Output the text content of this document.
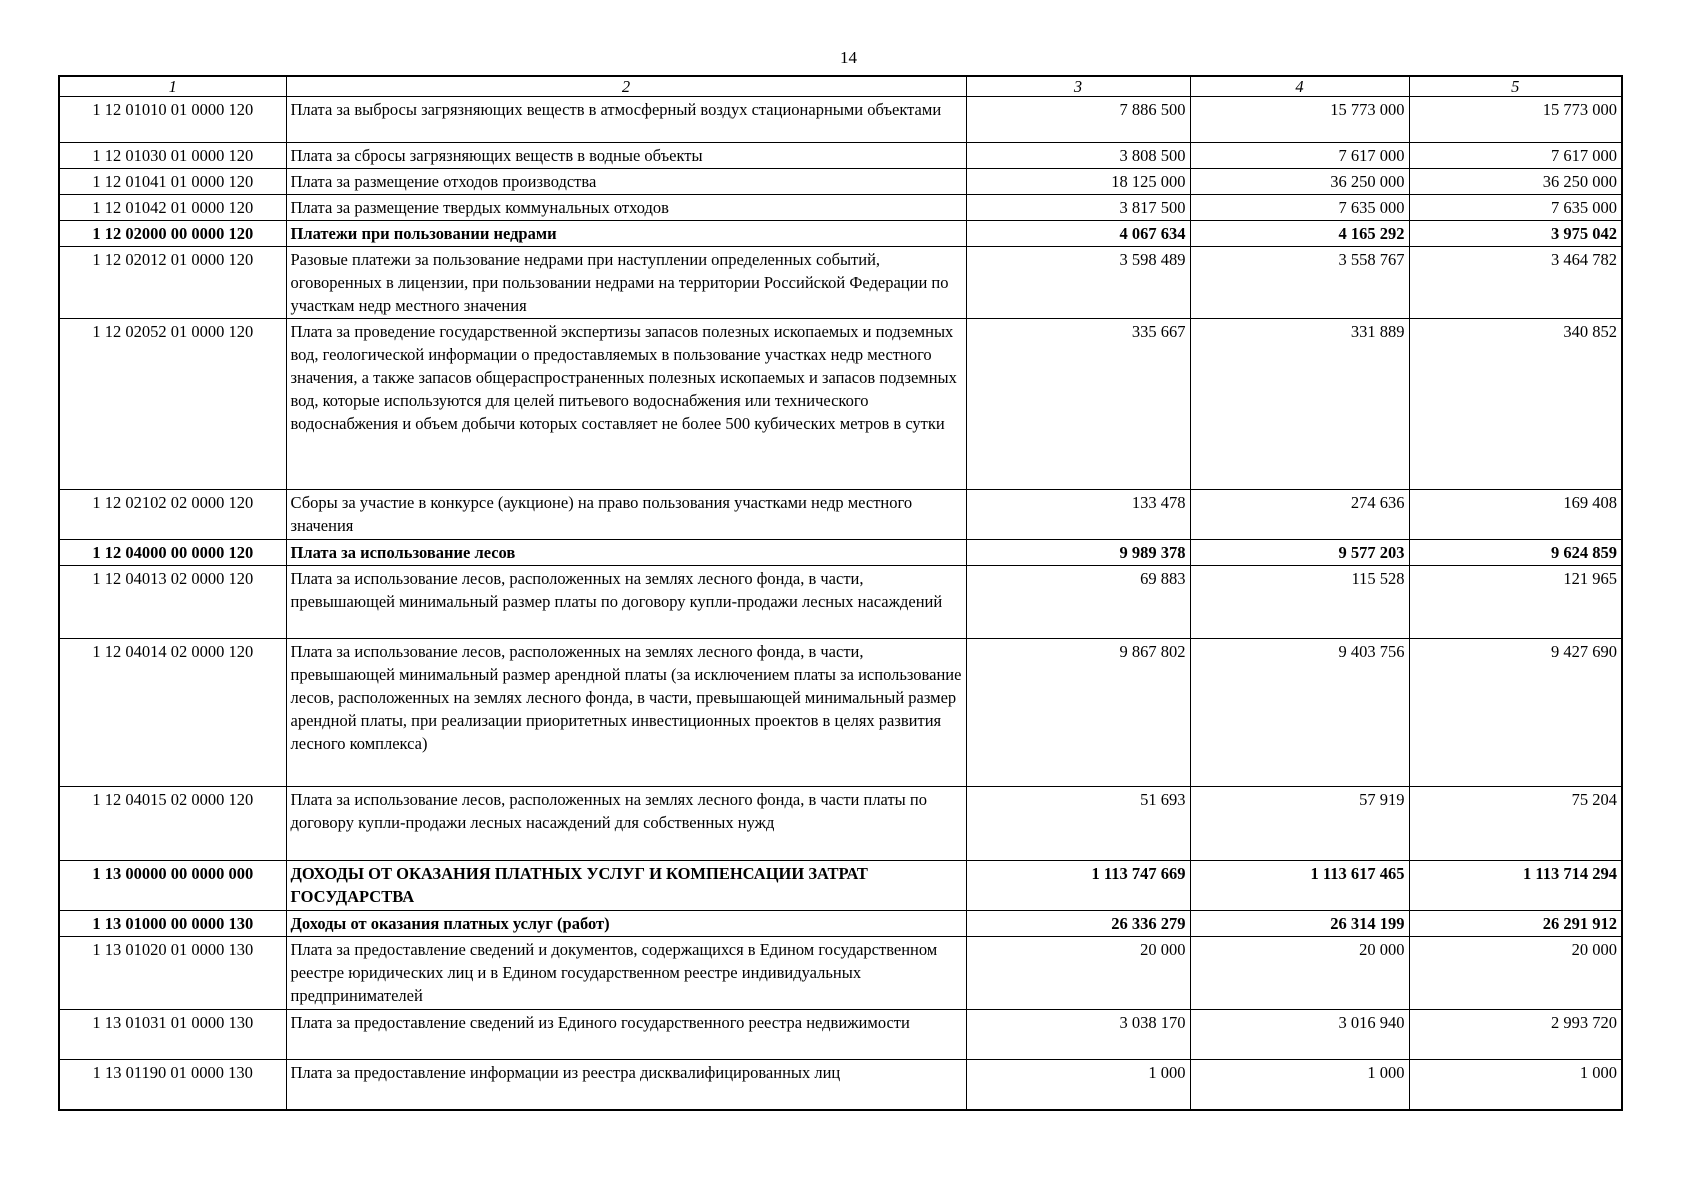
14
1	2	3	4	5
1 12 01010 01 0000 120	Плата за выбросы загрязняющих веществ в атмосферный воздух стационарными объектами	7 886 500	15 773 000	15 773 000
1 12 01030 01 0000 120	Плата за сбросы загрязняющих веществ в водные объекты	3 808 500	7 617 000	7 617 000
1 12 01041 01 0000 120	Плата за размещение отходов производства	18 125 000	36 250 000	36 250 000
1 12 01042 01 0000 120	Плата за размещение твердых коммунальных отходов	3 817 500	7 635 000	7 635 000
1 12 02000 00 0000 120	Платежи при пользовании недрами	4 067 634	4 165 292	3 975 042
1 12 02012 01 0000 120	Разовые платежи за пользование недрами при наступлении определенных событий, оговоренных в лицензии, при пользовании недрами на территории Российской Федерации по участкам недр местного значения	3 598 489	3 558 767	3 464 782
1 12 02052 01 0000 120	Плата за проведение государственной экспертизы запасов полезных ископаемых и подземных вод, геологической информации о предоставляемых в пользование участках недр местного значения, а также запасов общераспространенных полезных ископаемых и запасов подземных вод, которые используются для целей питьевого водоснабжения или технического водоснабжения и объем добычи которых составляет не более 500 кубических метров в сутки	335 667	331 889	340 852
1 12 02102 02 0000 120	Сборы за участие в конкурсе (аукционе) на право пользования участками недр местного значения	133 478	274 636	169 408
1 12 04000 00 0000 120	Плата за использование лесов	9 989 378	9 577 203	9 624 859
1 12 04013 02 0000 120	Плата за использование лесов, расположенных на землях лесного фонда, в части, превышающей минимальный размер платы по договору купли-продажи лесных насаждений	69 883	115 528	121 965
1 12 04014 02 0000 120	Плата за использование лесов, расположенных на землях лесного фонда, в части, превышающей минимальный размер арендной платы (за исключением платы за использование лесов, расположенных на землях лесного фонда, в части, превышающей минимальный размер арендной платы, при реализации приоритетных инвестиционных проектов в целях развития лесного комплекса)	9 867 802	9 403 756	9 427 690
1 12 04015 02 0000 120	Плата за использование лесов, расположенных на землях лесного фонда, в части платы по договору купли-продажи лесных насаждений для собственных нужд	51 693	57 919	75 204
1 13 00000 00 0000 000	ДОХОДЫ ОТ ОКАЗАНИЯ ПЛАТНЫХ УСЛУГ И КОМПЕНСАЦИИ ЗАТРАТ ГОСУДАРСТВА	1 113 747 669	1 113 617 465	1 113 714 294
1 13 01000 00 0000 130	Доходы от оказания платных услуг (работ)	26 336 279	26 314 199	26 291 912
1 13 01020 01 0000 130	Плата за предоставление сведений и документов, содержащихся в Едином государственном реестре юридических лиц и в Едином государственном реестре индивидуальных предпринимателей	20 000	20 000	20 000
1 13 01031 01 0000 130	Плата за предоставление сведений из Единого государственного реестра недвижимости	3 038 170	3 016 940	2 993 720
1 13 01190 01 0000 130	Плата за предоставление информации из реестра дисквалифицированных лиц	1 000	1 000	1 000
